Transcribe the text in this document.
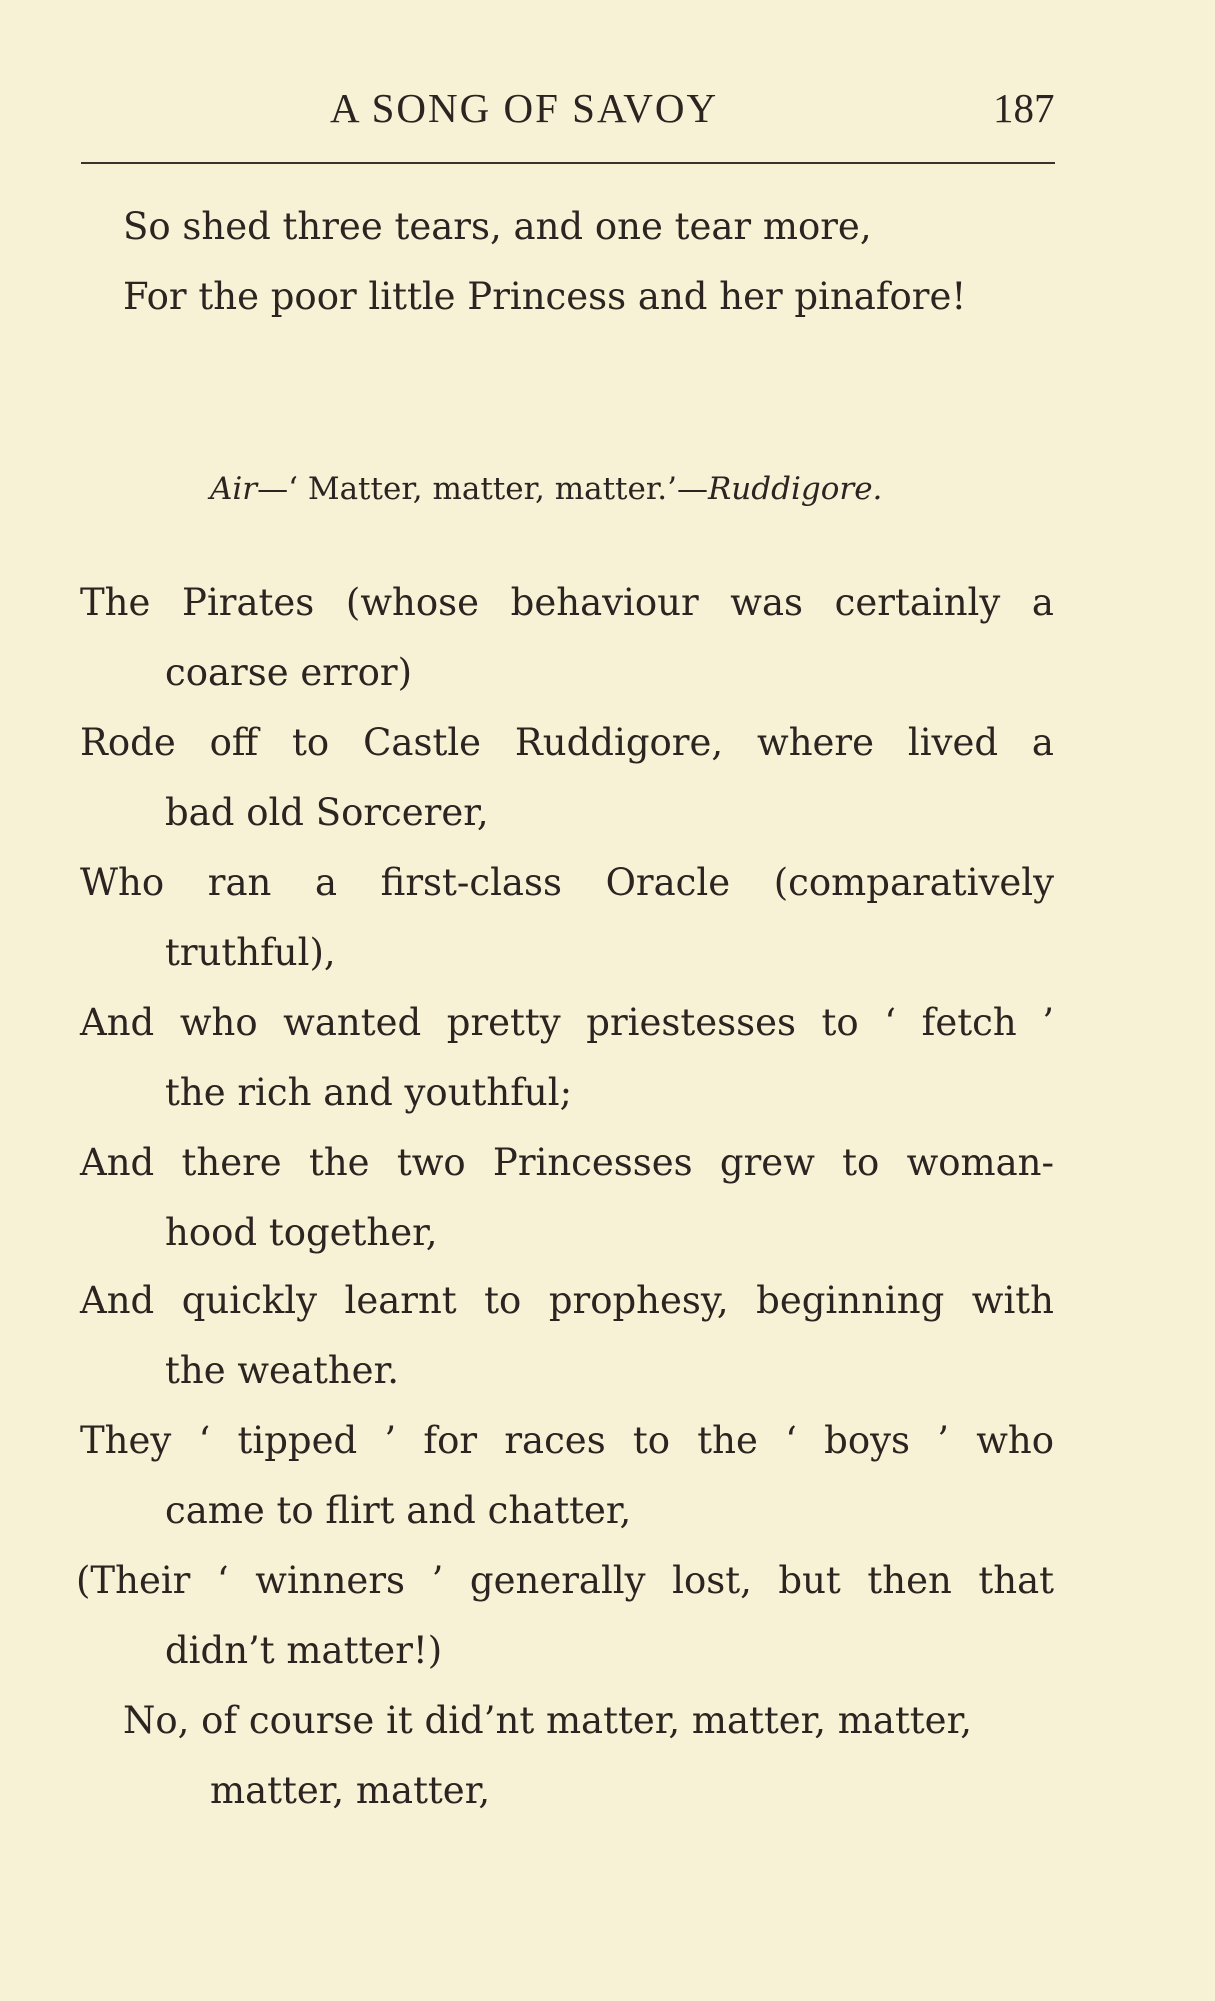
A SONG OF SAVOY	187
So shed three tears, and one tear more,
For the poor little Princess and her pinafore!
Air—‘ Matter, matter, matter.’—Ruddigore.
The Pirates (whose behaviour was certainly a
coarse error)
Rode off to Castle Ruddigore, where lived a
bad old Sorcerer,
Who ran a first-class Oracle (comparatively
truthful),
And who wanted pretty priestesses to ‘ fetch ’
the rich and youthful;
And there the two Princesses grew to woman-
hood together,
And quickly learnt to prophesy, beginning with
the weather.
They ‘ tipped ’ for races to the ‘ boys ’ who
came to flirt and chatter,
(Their ‘ winners ’ generally lost, but then that
didn’t matter!)
No, of course it did’nt matter, matter, matter,
matter, matter,
